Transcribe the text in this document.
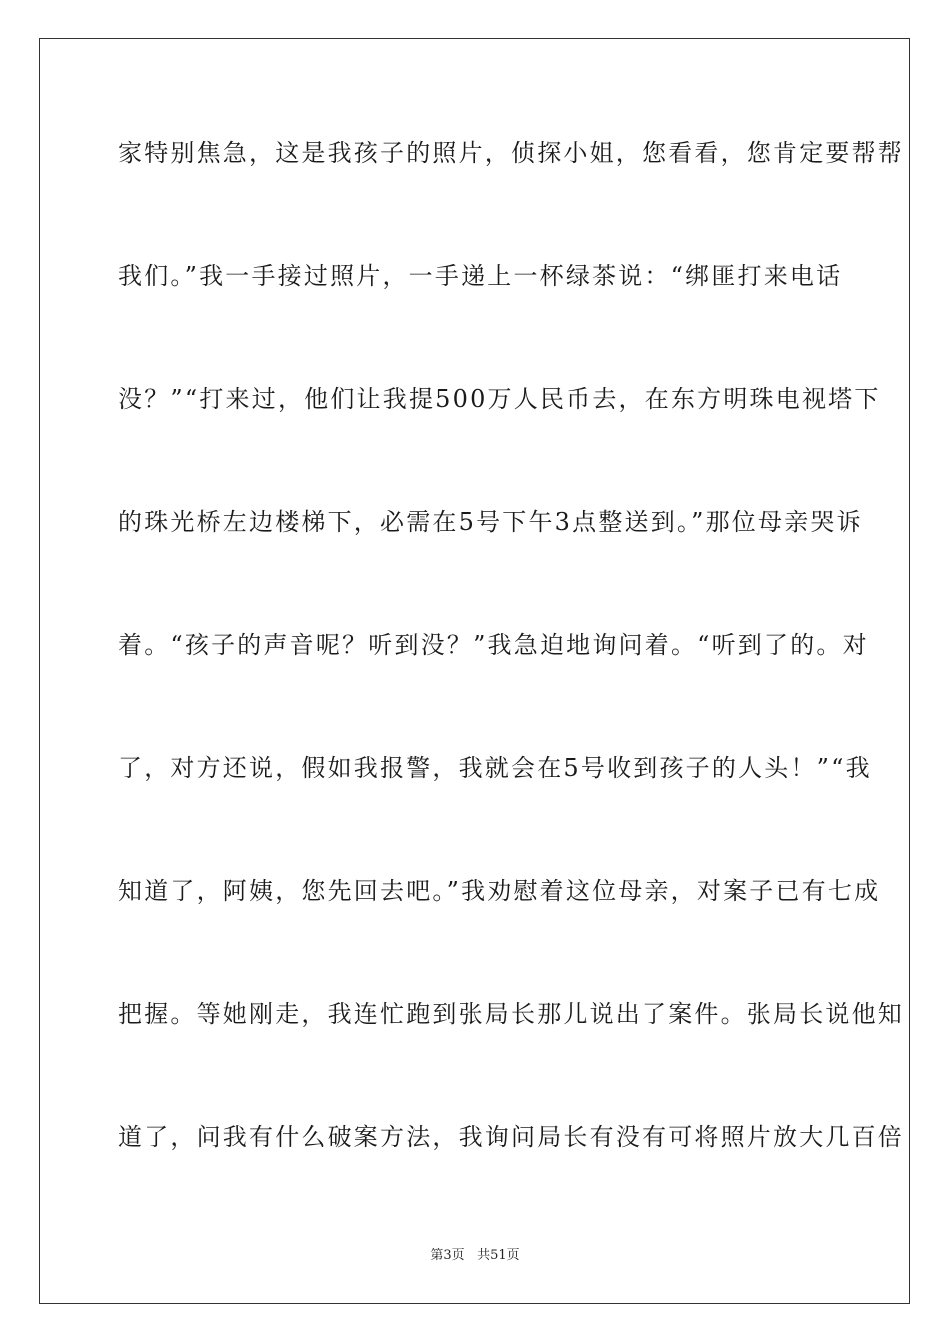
家特别焦急，这是我孩子的照片，侦探小姐，您看看，您肯定要帮帮
我们。”我一手接过照片，一手递上一杯绿茶说：“绑匪打来电话
没？”“打来过，他们让我提500万人民币去，在东方明珠电视塔下
的珠光桥左边楼梯下，必需在5号下午3点整送到。”那位母亲哭诉
着。“孩子的声音呢？听到没？”我急迫地询问着。“听到了的。对
了，对方还说，假如我报警，我就会在5号收到孩子的人头！”“我
知道了，阿姨，您先回去吧。”我劝慰着这位母亲，对案子已有七成
把握。等她刚走，我连忙跑到张局长那儿说出了案件。张局长说他知
道了，问我有什么破案方法，我询问局长有没有可将照片放大几百倍
第3页 共51页
